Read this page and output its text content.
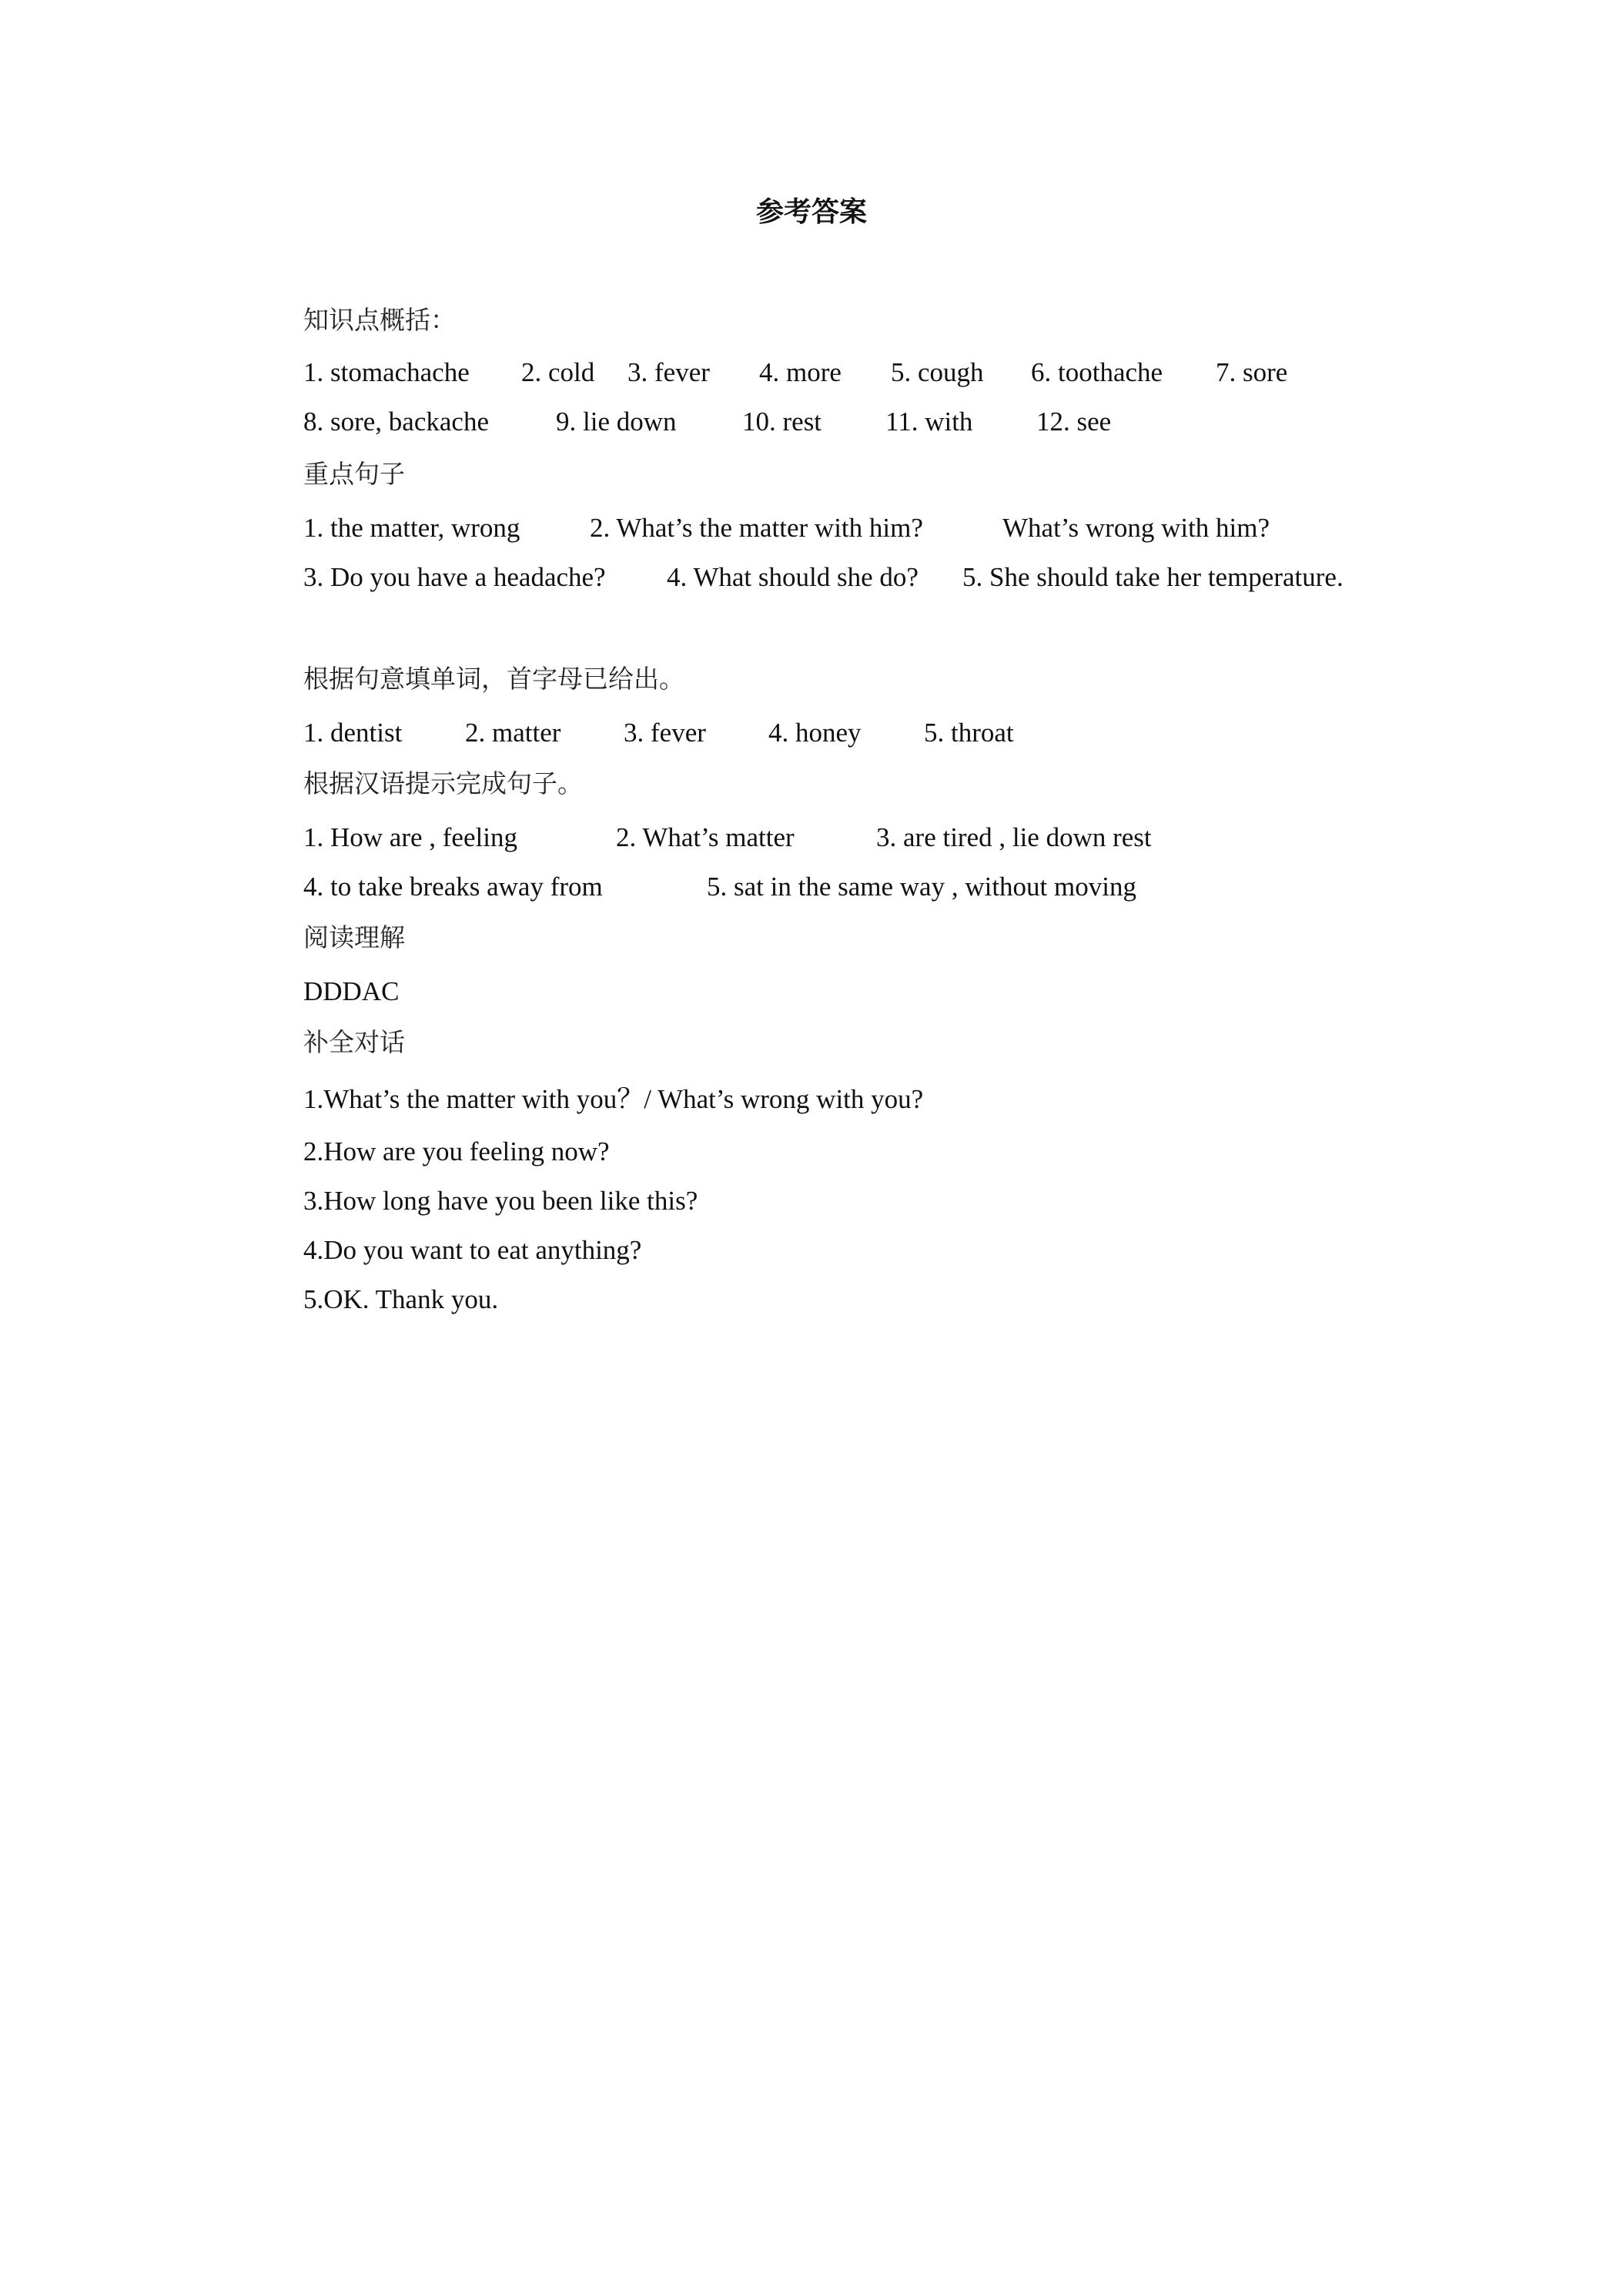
参考答案
知识点概括：
1. stomachache 2. cold 3. fever 4. more 5. cough 6. toothache 7. sore
8. sore, backache 9. lie down 10. rest 11. with 12. see
重点句子
1. the matter, wrong	2. What’s the matter with him?	What’s wrong with him?
3. Do you have a headache? 4. What should she do? 5. She should take her temperature.
根据句意填单词，首字母已给出。
1. dentist 2. matter 3. fever 4. honey 5. throat
根据汉语提示完成句子。
1. How are , feeling	2. What’s matter	3. are tired , lie down rest
4. to take breaks away from	5. sat in the same way , without moving
阅读理解
DDDAC
补全对话
1.What’s the matter with you？/ What’s wrong with you?
2.How are you feeling now?
3.How long have you been like this?
4.Do you want to eat anything?
5.OK. Thank you.
